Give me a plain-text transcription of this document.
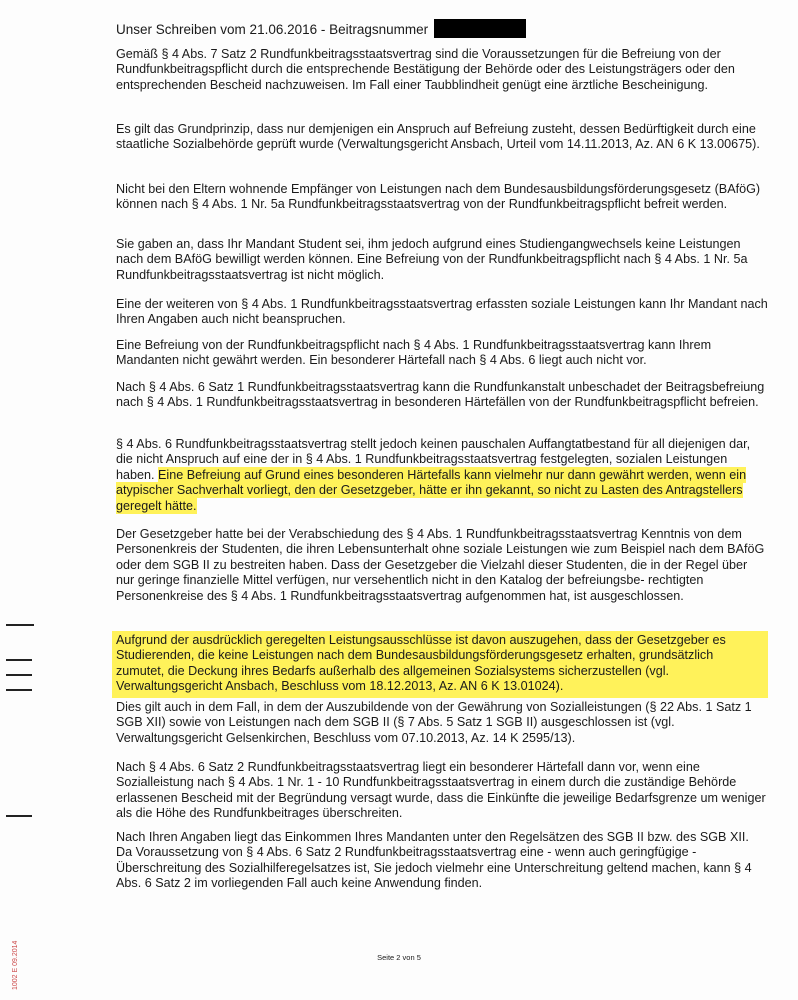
Unser Schreiben vom 21.06.2016 - Beitragsnummer

Gemäß § 4 Abs. 7 Satz 2 Rundfunkbeitragsstaatsvertrag sind die Voraussetzungen für die Befreiung von der Rundfunkbeitragspflicht durch die entsprechende Bestätigung der Behörde oder des Leistungsträgers oder den entsprechenden Bescheid nachzuweisen. Im Fall einer Taubblindheit genügt eine ärztliche Bescheinigung.

Es gilt das Grundprinzip, dass nur demjenigen ein Anspruch auf Befreiung zusteht, dessen Bedürftigkeit durch eine staatliche Sozialbehörde geprüft wurde (Verwaltungsgericht Ansbach, Urteil vom 14.11.2013, Az. AN 6 K 13.00675).

Nicht bei den Eltern wohnende Empfänger von Leistungen nach dem Bundesausbildungsförderungsgesetz (BAföG) können nach § 4 Abs. 1 Nr. 5a Rundfunkbeitragsstaatsvertrag von der Rundfunkbeitragspflicht befreit werden.

Sie gaben an, dass Ihr Mandant Student sei, ihm jedoch aufgrund eines Studiengangwechsels keine Leistungen nach dem BAföG bewilligt werden können. Eine Befreiung von der Rundfunkbeitragspflicht nach § 4 Abs. 1 Nr. 5a Rundfunkbeitragsstaatsvertrag ist nicht möglich.

Eine der weiteren von § 4 Abs. 1 Rundfunkbeitragsstaatsvertrag erfassten soziale Leistungen kann Ihr Mandant nach Ihren Angaben auch nicht beanspruchen.

Eine Befreiung von der Rundfunkbeitragspflicht nach § 4 Abs. 1 Rundfunkbeitragsstaatsvertrag kann Ihrem Mandanten nicht gewährt werden. Ein besonderer Härtefall nach § 4 Abs. 6 liegt auch nicht vor.

Nach § 4 Abs. 6 Satz 1 Rundfunkbeitragsstaatsvertrag kann die Rundfunkanstalt unbeschadet der Beitragsbefreiung nach § 4 Abs. 1 Rundfunkbeitragsstaatsvertrag in besonderen Härtefällen von der Rundfunkbeitragspflicht befreien.

§ 4 Abs. 6 Rundfunkbeitragsstaatsvertrag stellt jedoch keinen pauschalen Auffangtatbestand für all diejenigen dar, die nicht Anspruch auf eine der in § 4 Abs. 1 Rundfunkbeitragsstaatsvertrag festgelegten, sozialen Leistungen haben. Eine Befreiung auf Grund eines besonderen Härtefalls kann vielmehr nur dann gewährt werden, wenn ein atypischer Sachverhalt vorliegt, den der Gesetzgeber, hätte er ihn gekannt, so nicht zu Lasten des Antragstellers geregelt hätte.

Der Gesetzgeber hatte bei der Verabschiedung des § 4 Abs. 1 Rundfunkbeitragsstaatsvertrag Kenntnis von dem Personenkreis der Studenten, die ihren Lebensunterhalt ohne soziale Leistungen wie zum Beispiel nach dem BAföG oder dem SGB II zu bestreiten haben. Dass der Gesetzgeber die Vielzahl dieser Studenten, die in der Regel über nur geringe finanzielle Mittel verfügen, nur versehentlich nicht in den Katalog der befreiungsbe- rechtigten Personenkreise des § 4 Abs. 1 Rundfunkbeitragsstaatsvertrag aufgenommen hat, ist ausgeschlossen.

Aufgrund der ausdrücklich geregelten Leistungsausschlüsse ist davon auszugehen, dass der Gesetzgeber es Studierenden, die keine Leistungen nach dem Bundesausbildungsförderungsgesetz erhalten, grundsätzlich zumutet, die Deckung ihres Bedarfs außerhalb des allgemeinen Sozialsystems sicherzustellen (vgl. Verwaltungsgericht Ansbach, Beschluss vom 18.12.2013, Az. AN 6 K 13.01024).

Dies gilt auch in dem Fall, in dem der Auszubildende von der Gewährung von Sozialleistungen (§ 22 Abs. 1 Satz 1 SGB XII) sowie von Leistungen nach dem SGB II (§ 7 Abs. 5 Satz 1 SGB II) ausgeschlossen ist (vgl. Verwaltungsgericht Gelsenkirchen, Beschluss vom 07.10.2013, Az. 14 K 2595/13).

Nach § 4 Abs. 6 Satz 2 Rundfunkbeitragsstaatsvertrag liegt ein besonderer Härtefall dann vor, wenn eine Sozialleistung nach § 4 Abs. 1 Nr. 1 - 10 Rundfunkbeitragsstaatsvertrag in einem durch die zuständige Behörde erlassenen Bescheid mit der Begründung versagt wurde, dass die Einkünfte die jeweilige Bedarfsgrenze um weniger als die Höhe des Rundfunkbeitrages überschreiten.

Nach Ihren Angaben liegt das Einkommen Ihres Mandanten unter den Regelsätzen des SGB II bzw. des SGB XII. Da Voraussetzung von § 4 Abs. 6 Satz 2 Rundfunkbeitragsstaatsvertrag eine - wenn auch geringfügige - Überschreitung des Sozialhilferegelsatzes ist, Sie jedoch vielmehr eine Unterschreitung geltend machen, kann § 4 Abs. 6 Satz 2 im vorliegenden Fall auch keine Anwendung finden.

Seite 2 von 5
1002 E 09.2014
